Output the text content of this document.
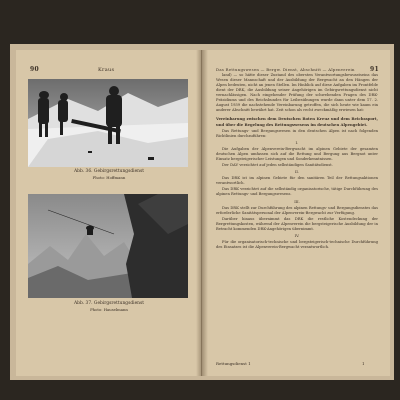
90	Kraus
Abb. 36. Gebirgsrettungsdienst
Photo: Hoffmann
Abb. 37. Gebirgsrettungsdienst
Photo: Hauselmann
Das Rettungswesen — Bergw. Dienst, Abschnitt — Alpenverein	91

land) — so hätte dieser Zustand des obersten Verantwortungsbewusstseins das Wesen dieser Mannschaft und der Ausbildung der Bergwacht an den Hängen der Alpen bedeuten, nicht an jenen Stellen. Im Hinblick auf diese Aufgaben im Frontfelde dient der DRK, die Ausbildung seiner Angehörigen im Gebirgsrettungsdienst nicht vernachlässigen. Nach eingehender Prüfung der schwebenden Fragen des DRK-Präsidiums und des Reichsbundes für Leibesübungen wurde dann unter dem 17. 2. August 1939 die nachstehende Vereinbarung getroffen, die sich heute wie kaum ein anderer Abschnitt bewährt hat. Zeit schon als recht zweckmäßig erwiesen hat:

Vereinbarung zwischen dem Deutschen Roten Kreuz und dem Reichssport, und über die Regelung des Rettungswesens im deutschen Alpengebiet.

Das Rettungs- und Bergungswesen in den deutschen Alpen ist nach folgenden Richtlinien durchzuführen:

I.

Die Aufgaben der Alpenverein-Bergwacht im alpinen Gebiete der gesamten deutschen Alpen umfassen sich auf die Rettung und Bergung aus Bergnot unter Einsatz bergsteigerischer Leistungen und Sonderkenntnissen.

Der DAV verzichtet auf jeden selbständigen Sanitätsdienst.

II.

Das DRK ist im alpinen Gebiete für den sanitären Teil der Rettungsaktionen verantwortlich.

Das DRK verzichtet auf die selbständig organisatorische, tätige Durchführung des alpinen Rettungs- und Bergungswesens.

III.

Das DRK stellt zur Durchführung des alpinen Rettungs- und Bergungsdienstes das erforderliche Sanitätspersonal der Alpenverein-Bergwacht zur Verfügung.

Darüber hinaus übernimmt das DRK die restliche Kostendeckung der Bergrettungskosten, während der Alpenverein die bergsteigerische Ausbildung der in Betracht kommenden DRK-Angehörigen übernimmt.

IV.

Für die organisatorisch-technische und bergsteigerisch-technische Durchführung des Einsatzes ist die Alpenverein-Bergwacht verantwortlich.

Rettungsdienst 1	1
